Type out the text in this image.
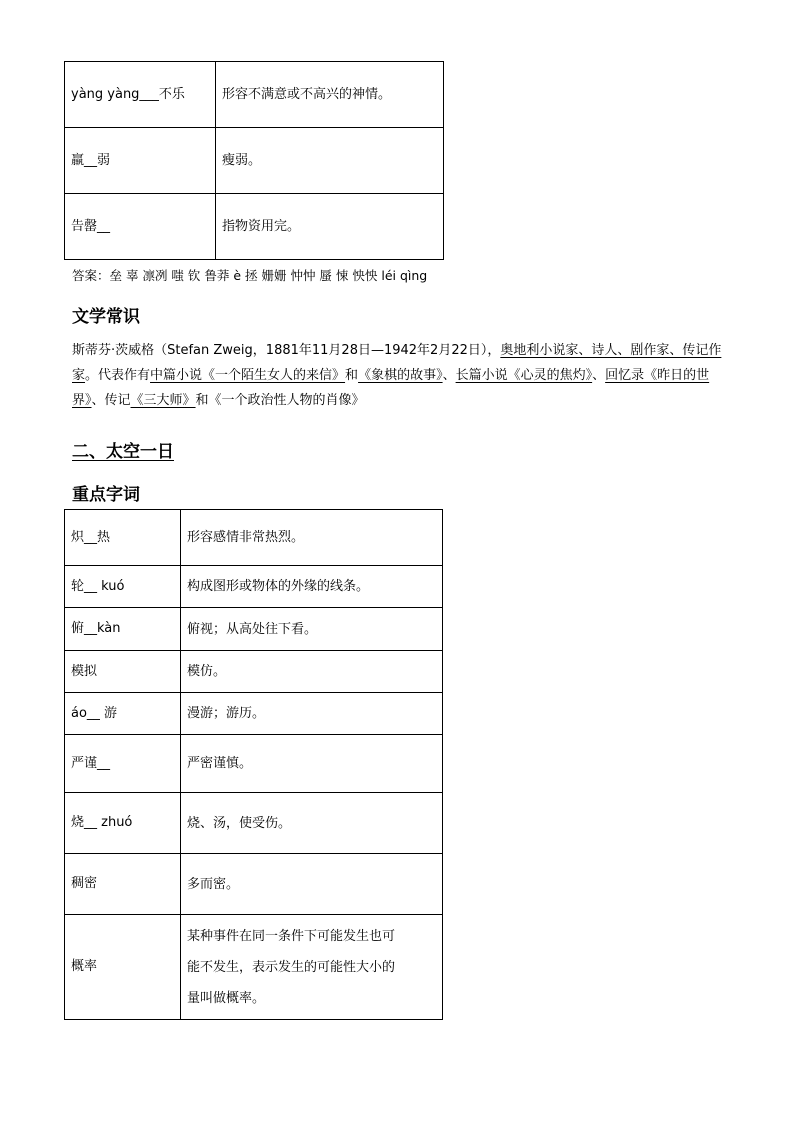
yàng yàng___不乐	形容不满意或不高兴的神情。
羸__弱	瘦弱。
告罄__	指物资用完。
答案：垒 辜 凛冽 嗤 钦 鲁莽 è 拯 姗姗 忡忡 蜃 悚 怏怏 léi qìng
文学常识

斯蒂芬·茨威格（Stefan Zweig，1881年11月28日—1942年2月22日），奥地利小说家、诗人、剧作家、传记作家。代表作有中篇小说《一个陌生女人的来信》和《象棋的故事》、长篇小说《心灵的焦灼》、回忆录《昨日的世界》、传记《三大师》和《一个政治性人物的肖像》

二、太空一日
重点字词
炽__热	形容感情非常热烈。
轮__ kuó	构成图形或物体的外缘的线条。
俯__kàn	俯视；从高处往下看。
模拟	模仿。
áo__ 游	漫游；游历。
严谨__	严密谨慎。
烧__ zhuó	烧、汤，使受伤。
稠密	多而密。
概率	某种事件在同一条件下可能发生也可能不发生，表示发生的可能性大小的量叫做概率。
